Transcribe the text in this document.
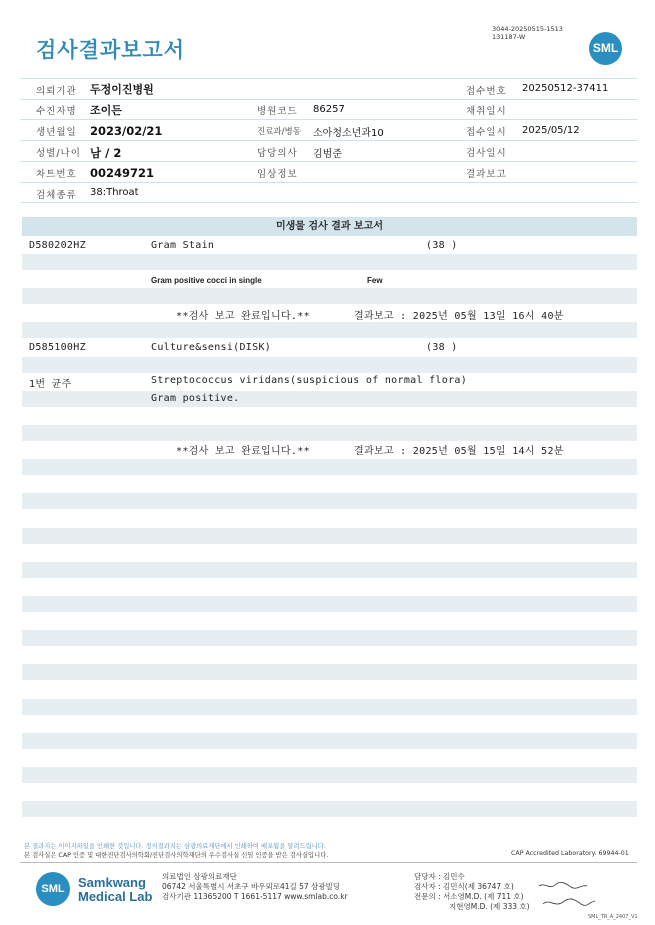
검사결과보고서
3044-20250515-1513
131187-W
SML
의뢰기관 두정이진병원	접수번호 20250512-37411
수진자명 조이든	병원코드 86257	채취일시
생년월일 2023/02/21	진료과/병동 소아청소년과10	접수일시 2025/05/12
성별/나이 남 / 2	담당의사 김범준	검사일시
차트번호 00249721	임상정보	결과보고
검체종류 38:Throat
미생물 검사 결과 보고서
D580202HZ	Gram Stain	(38 )
Gram positive cocci in single	Few
**검사 보고 완료입니다.**	결과보고 : 2025년 05월 13일 16시 40분
D585100HZ	Culture&sensi(DISK)	(38 )
1번 균주	Streptococcus viridans(suspicious of normal flora)
Gram positive.
**검사 보고 완료입니다.**	결과보고 : 2025년 05월 15일 14시 52분
본 결과지는 이미지파일을 인쇄한 것입니다. 정식결과지는 삼광의료재단에서 인쇄하여 배포됨을 알려드립니다.
본 검사실은 CAP 인증 및 대한진단검사의학회/진단검사의학재단의 우수검사실 신임 인증을 받은 검사실입니다.	CAP Accredited Laboratory. 69944-01
SML	Samkwang
Medical Lab
의료법인 삼광의료재단
06742 서울특별시 서초구 바우뫼로41길 57 삼광빌딩
검사기관 11365200 T 1661-5117 www.smlab.co.kr
담당자 : 김민수
검사자 : 김민식(제 36747 호)
전문의 : 서소영M.D. (제 711 호)
지현영M.D. (제 333 호)
SML_TR_A_2407_V1
